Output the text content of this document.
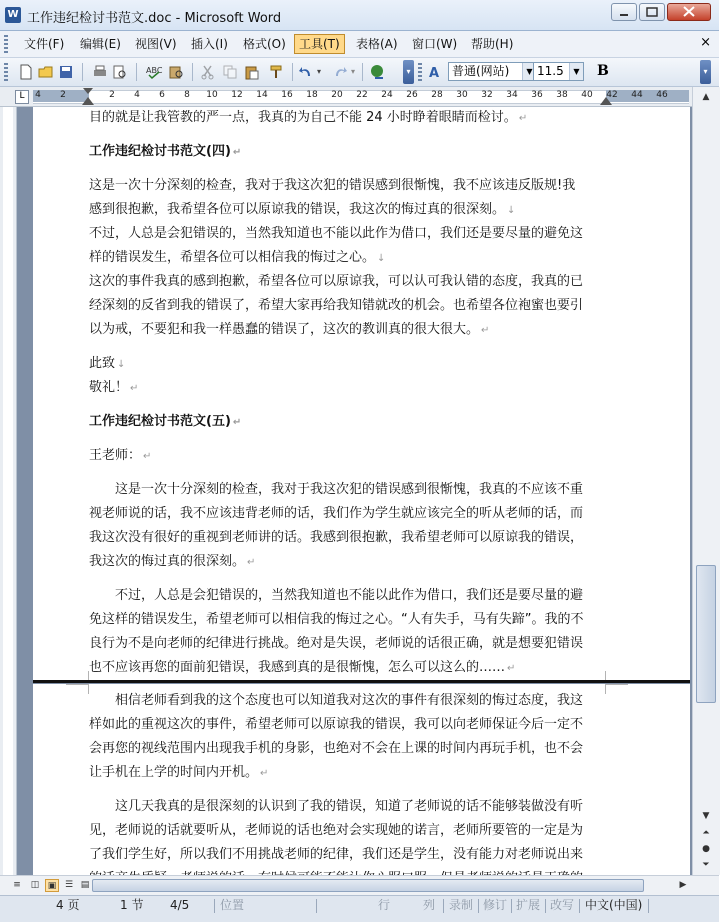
W 工作违纪检讨书范文.doc - Microsoft Word
文件(F)	编辑(E)	视图(V)	插入(I)	格式(O)	工具(T)	表格(A)	窗口(W)	帮助(H)	×
ABC	▾	▾	▾ A	普通(网站)	▼ 11.5	▼ B	▾
L	4 2	2 4 6 8 10 12 14 16 18 20 22 24 26 28 30 32 34 36 38 40 42 44 46
目的就是让我管教的严一点，我真的为自己不能 24 小时睁着眼睛而检讨。 ↵
工作违纪检讨书范文(四) ↵
这是一次十分深刻的检查，我对于我这次犯的错误感到很惭愧，我不应该违反版规!我
感到很抱歉，我希望各位可以原谅我的错误，我这次的悔过真的很深刻。 ↓
不过，人总是会犯错误的，当然我知道也不能以此作为借口，我们还是要尽量的避免这
样的错误发生，希望各位可以相信我的悔过之心。 ↓
这次的事件我真的感到抱歉，希望各位可以原谅我，可以认可我认错的态度，我真的已
经深刻的反省到我的错误了，希望大家再给我知错就改的机会。也希望各位袍蜜也要引
以为戒，不要犯和我一样愚蠢的错误了，这次的教训真的很大很大。 ↵
此致 ↓
敬礼！ ↵
工作违纪检讨书范文(五) ↵
王老师： ↵
　　这是一次十分深刻的检查，我对于我这次犯的错误感到很惭愧，我真的不应该不重
视老师说的话，我不应该违背老师的话，我们作为学生就应该完全的听从老师的话，而
我这次没有很好的重视到老师讲的话。我感到很抱歉，我希望老师可以原谅我的错误，
我这次的悔过真的很深刻。 ↵
　　不过，人总是会犯错误的，当然我知道也不能以此作为借口，我们还是要尽量的避
免这样的错误发生，希望老师可以相信我的悔过之心。“人有失手，马有失蹄”。我的不
良行为不是向老师的纪律进行挑战。绝对是失误，老师说的话很正确，就是想要犯错误
也不应该再您的面前犯错误，我感到真的是很惭愧，怎么可以这么的…… ↵
　　相信老师看到我的这个态度也可以知道我对这次的事件有很深刻的悔过态度，我这
样如此的重视这次的事件，希望老师可以原谅我的错误，我可以向老师保证今后一定不
会再您的视线范围内出现我手机的身影，也绝对不会在上课的时间内再玩手机，也不会
让手机在上学的时间内开机。 ↵
　　这几天我真的是很深刻的认识到了我的错误，知道了老师说的话不能够装做没有听
见，老师说的话就要听从，老师说的话也绝对会实现她的诺言，老师所要管的一定是为
了我们学生好，所以我们不用挑战老师的纪律，我们还是学生，没有能力对老师说出来
▲
▼
⏶
●
⏷
≡	◫ ▣ ☰ ▤	▶
4 页	1 节 4/5	位置	行	列 录制 修订 扩展 改写 中文(中国)
